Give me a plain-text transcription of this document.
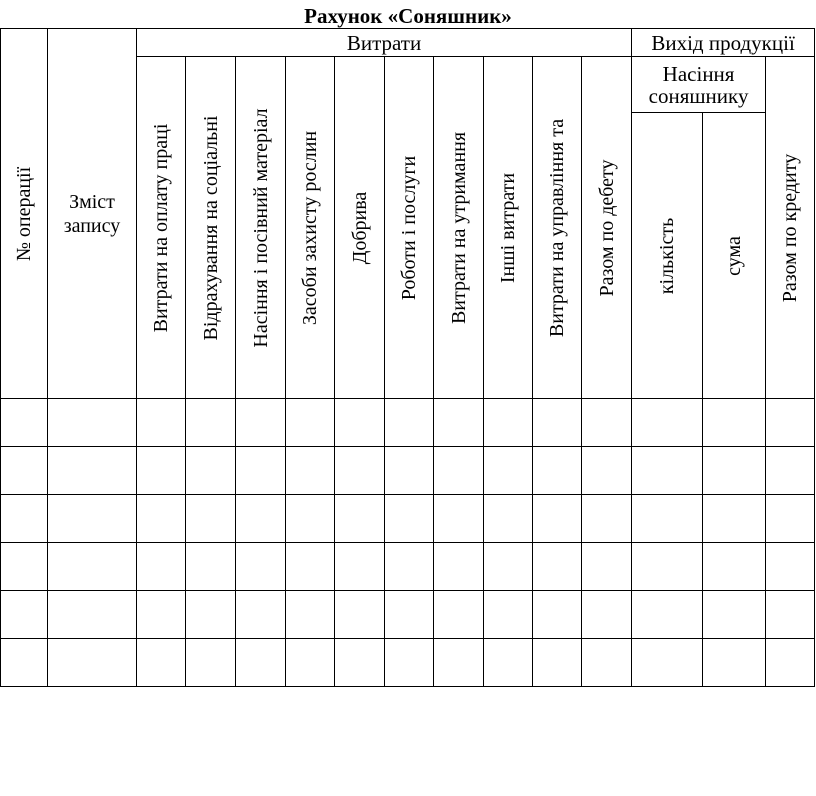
Рахунок «Соняшник»
№ операції	Зміст запису	Витрати										Вихід продукції		

		Витрати на оплату праці	Відрахування на соціальні	Насіння і посівний матеріал	Засоби захисту рослин	Добрива	Роботи і послуги	Витрати на утримання	Інші витрати	Витрати на управління та	Разом по дебету	Насіння соняшнику		Разом по кредиту

												кількість	сума	
